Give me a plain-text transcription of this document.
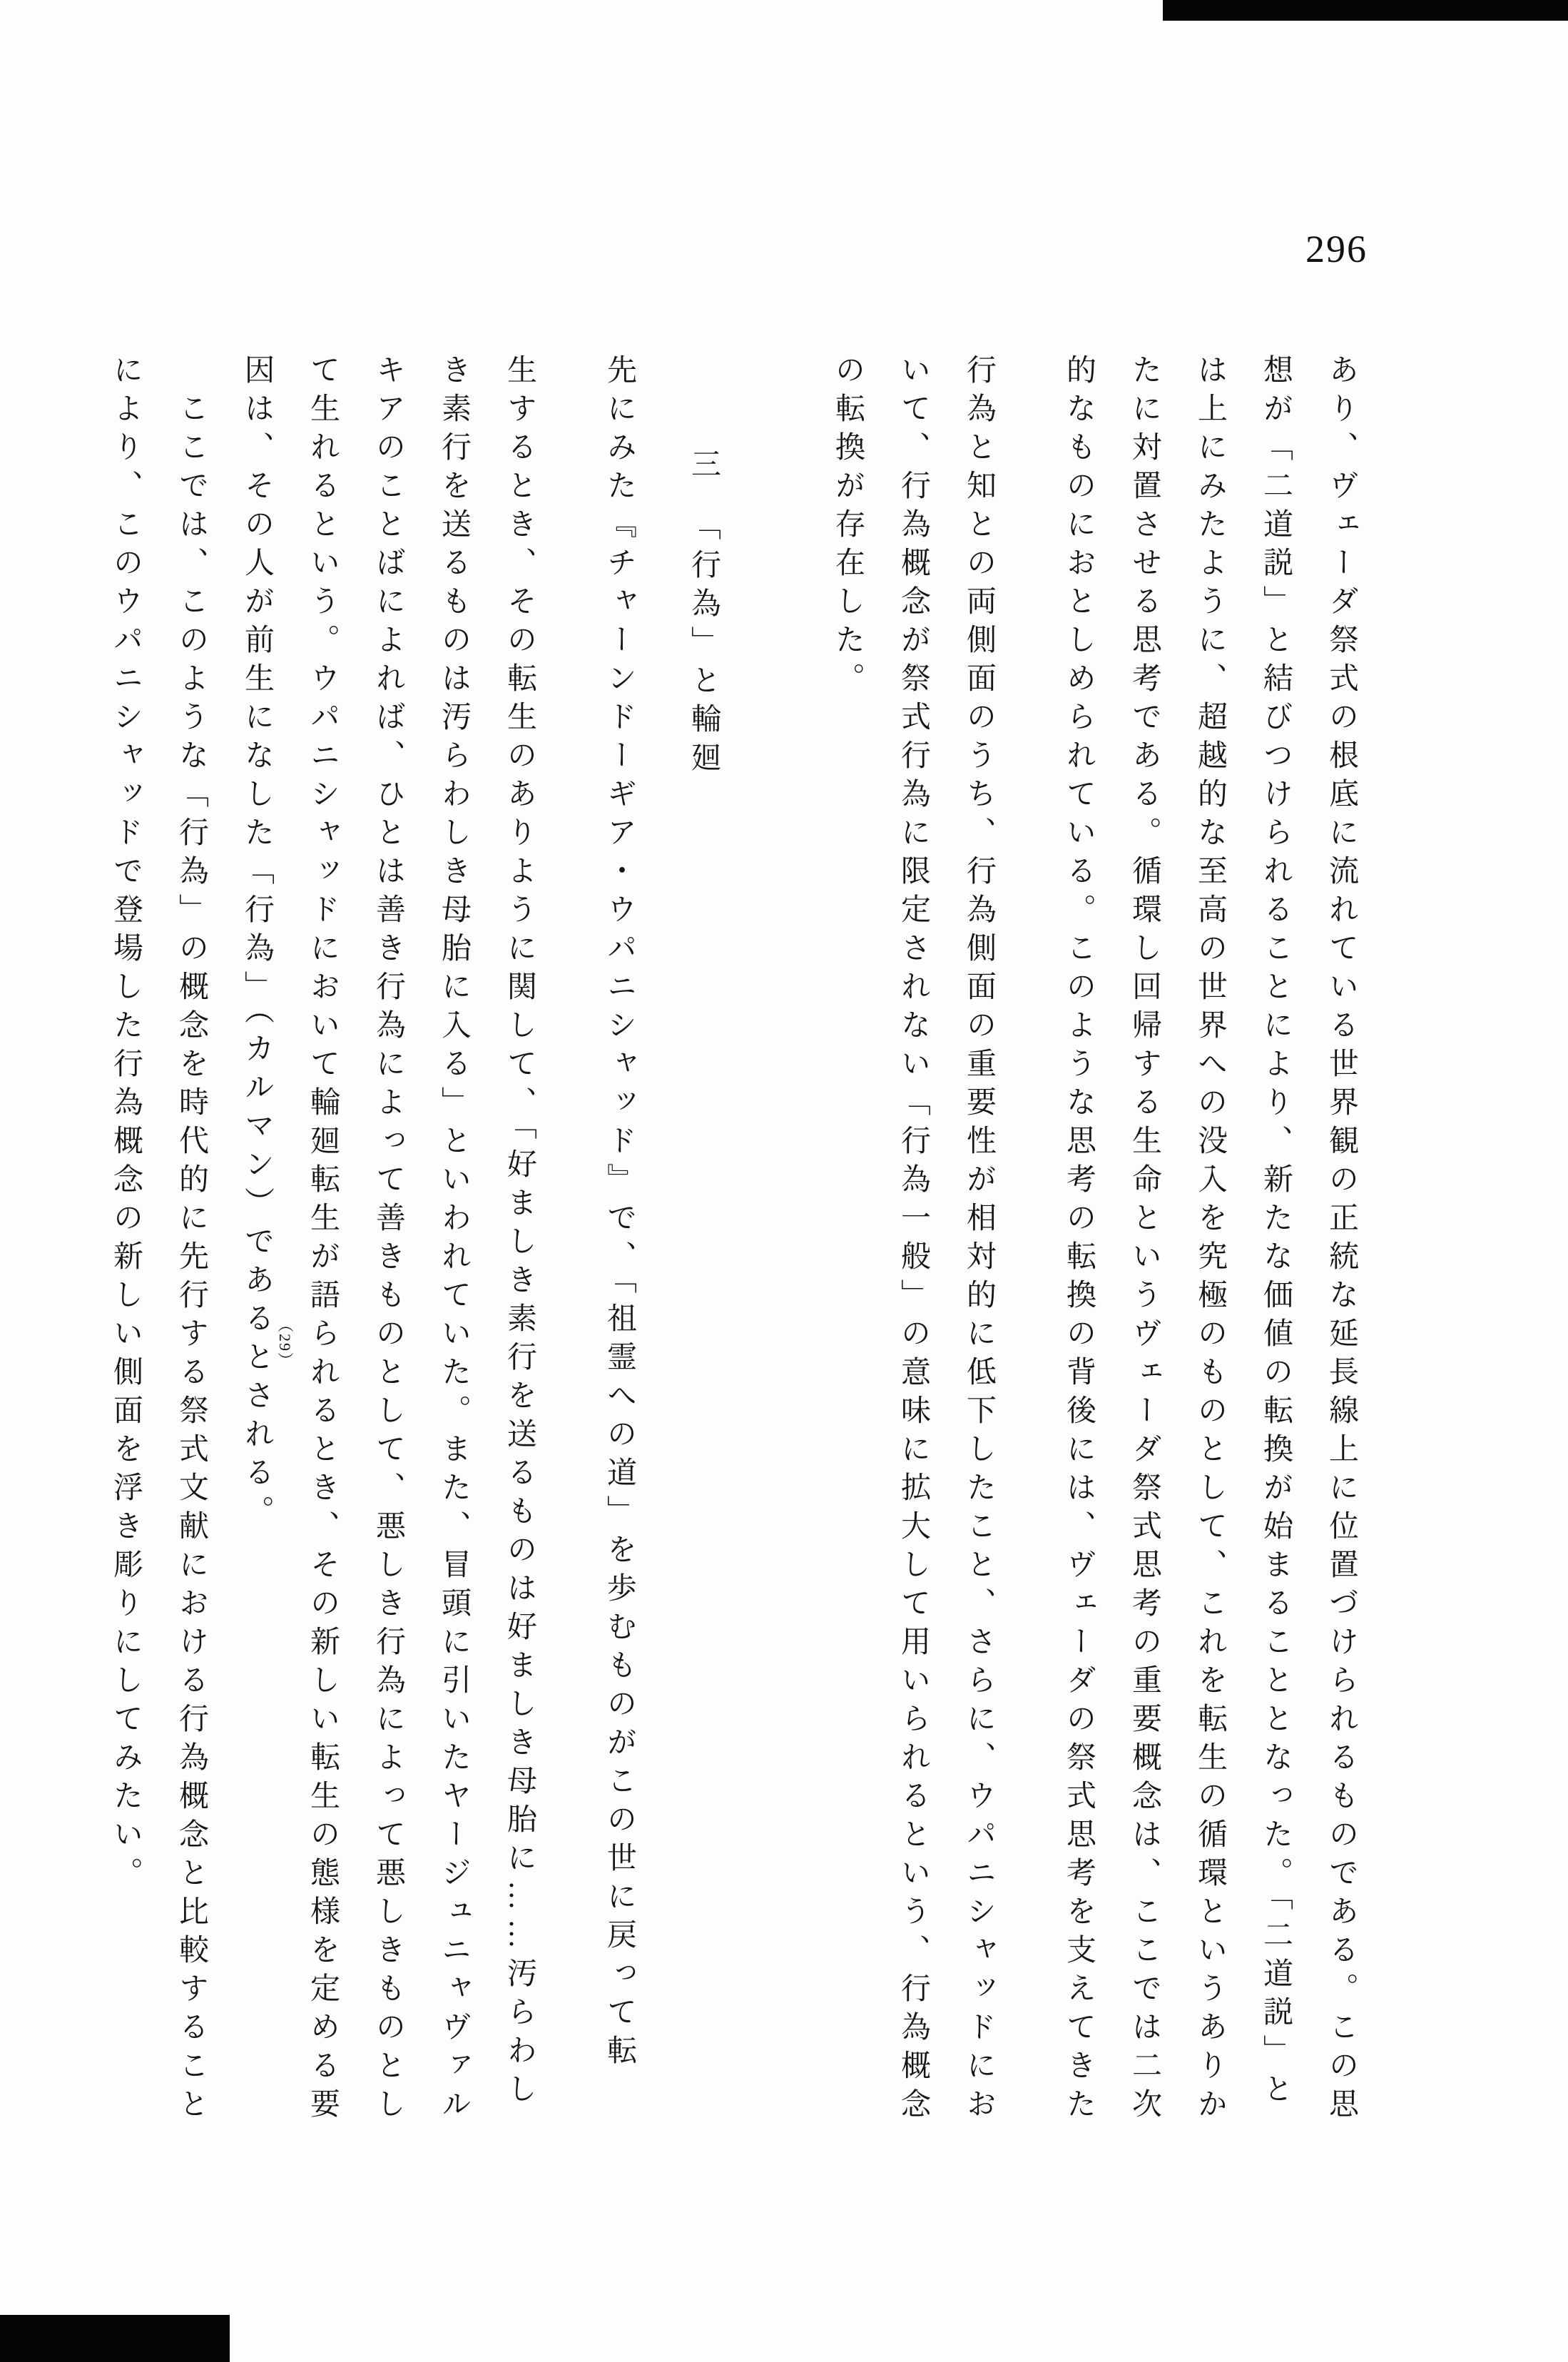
296
あり、ヴェーダ祭式の根底に流れている世界観の正統な延長線上に位置づけられるものである。この思
想が「二道説」と結びつけられることにより、新たな価値の転換が始まることとなった。「二道説」と
は上にみたように、超越的な至高の世界への没入を究極のものとして、これを転生の循環というありか
たに対置させる思考である。循環し回帰する生命というヴェーダ祭式思考の重要概念は、ここでは二次
的なものにおとしめられている。このような思考の転換の背後には、ヴェーダの祭式思考を支えてきた
行為と知との両側面のうち、行為側面の重要性が相対的に低下したこと、さらに、ウパニシャッドにお
いて、行為概念が祭式行為に限定されない「行為一般」の意味に拡大して用いられるという、行為概念
の転換が存在した。
三　「行為」と輪廻
先にみた『チャーンドーギア・ウパニシャッド』で、「祖霊への道」を歩むものがこの世に戻って転
生するとき、その転生のありように関して、「好ましき素行を送るものは好ましき母胎に……汚らわし
き素行を送るものは汚らわしき母胎に入る」といわれていた。また、冒頭に引いたヤージュニャヴァル
キアのことばによれば、ひとは善き行為によって善きものとして、悪しき行為によって悪しきものとし
て生れるという。ウパニシャッドにおいて輪廻転生が語られるとき、その新しい転生の態様を定める要
因は、その人が前生になした「行為」（カルマン）であるとされる。
ここでは、このような「行為」の概念を時代的に先行する祭式文献における行為概念と比較すること
により、このウパニシャッドで登場した行為概念の新しい側面を浮き彫りにしてみたい。	（29）
